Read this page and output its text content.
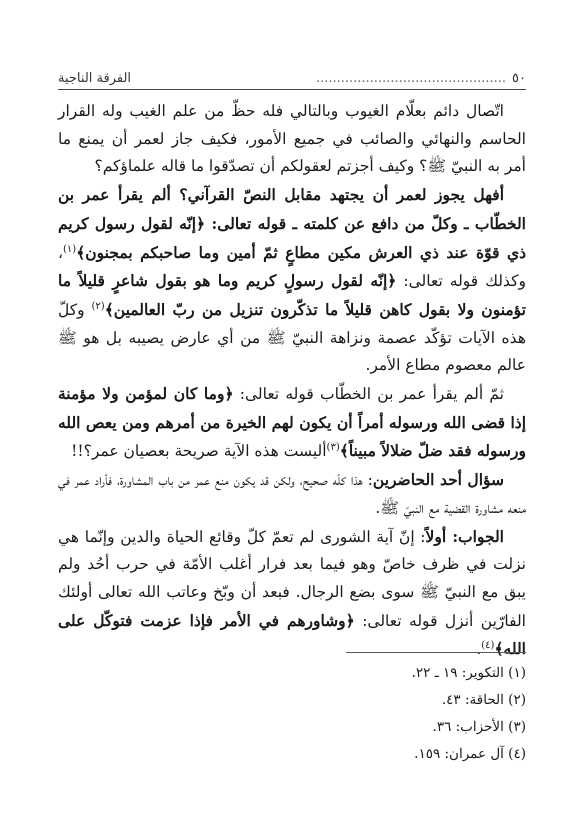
٥٠
..............................................
الفرقة الناجية

اتّصال دائم بعلّام الغيوب وبالتالي فله حظّ من علم الغيب وله القرار الحاسم والنهائي والصائب في جميع الأمور، فكيف جاز لعمر أن يمنع ما أمر به النبيّ ﷺ؟ وكيف أجزتم لعقولكم أن تصدّقوا ما قاله علماؤكم؟

أفهل يجوز لعمر أن يجتهد مقابل النصّ القرآني؟ ألم يقرأ عمر بن الخطّاب ـ وكلّ من دافع عن كلمته ـ قوله تعالى: ﴿إنّه لقول رسول كريم ذي قوّة عند ذي العرش مكين مطاعٍ ثمّ أمين وما صاحبكم بمجنون﴾$^{(١)}$، وكذلك قوله تعالى: ﴿إنّه لقول رسولٍ كريم وما هو بقول شاعرٍ قليلاً ما تؤمنون ولا بقول كاهن قليلاً ما تذكّرون تنزيل من ربّ العالمين﴾$^{(٢)}$ وكلّ هذه الآيات تؤكّد عصمة ونزاهة النبيّ ﷺ من أي عارض يصيبه بل هو ﷺ عالم معصوم مطاع الأمر.

ثمّ ألم يقرأ عمر بن الخطّاب قوله تعالى: ﴿وما كان لمؤمن ولا مؤمنة إذا قضى الله ورسوله أمراً أن يكون لهم الخيرة من أمرهم ومن يعص الله ورسوله فقد ضلّ ضلالاً مبيناً﴾$^{(٣)}$أليست هذه الآية صريحة بعصيان عمر؟!!

سؤال أحد الحاضرين: هذا كلّه صحيح، ولكن قد يكون منع عمر من باب المشاورة، فأراد عمر في منعه مشاورة القضية مع النبيّ ﷺ.

الجواب: أولاً: إنّ آية الشورى لم تعمّ كلّ وقائع الحياة والدين وإنّما هي نزلت في ظرف خاصّ وهو فيما بعد فرار أغلب الأمّة في حرب أحُد ولم يبق مع النبيّ ﷺ سوى بضع الرجال. فبعد أن وبّخ وعاتب الله تعالى أولئك الفارّين أنزل قوله تعالى: ﴿وشاورهم في الأمر فإذا عزمت فتوكّل على الله﴾$^{(٤)}$.

(١) التكوير: ١٩ ـ ٢٢.
(٢) الحاقة: ٤٣.
(٣) الأحزاب: ٣٦.
(٤) آل عمران: ١٥٩.
